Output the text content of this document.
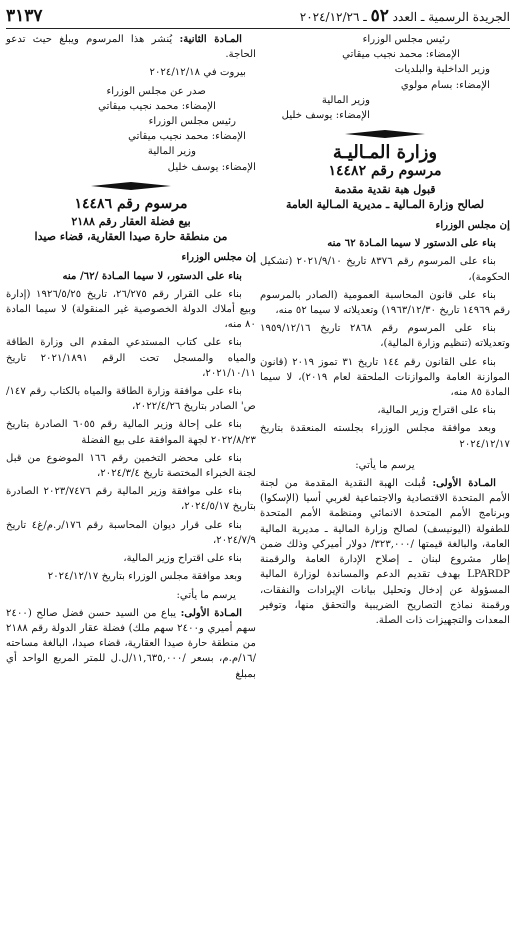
الجريدة الرسمية ـ العدد ٥٢ ـ ٢٠٢٤/١٢/٢٦
٣١٣٧

رئيس مجلس الوزراء

الإمضاء: محمد نجيب ميقاتي

وزير الداخلية والبلديات

الإمضاء: بسام مولوي

وزير المالية

الإمضاء: يوسف خليل

وزارة المـاليـة
مرسوم رقم ١٤٤٨٢

قبول هبة نقدية مقدمة

لصالح وزارة المـالية ـ مديرية المـالية العامة

إن مجلس الوزراء

بناء على الدستور لا سيما المـادة ٦٢ منه

بناء على المرسوم رقم ٨٣٧٦ تاريخ ٢٠٢١/٩/١٠ (تشكيل الحكومة)،

بناء على قانون المحاسبة العمومية (الصادر بالمرسوم رقم ١٤٩٦٩ تاريخ ١٩٦٣/١٢/٣٠) وتعديلاته لا سيما ٥٢ منه،

بناء على المرسوم رقم ٢٨٦٨ تاريخ ١٩٥٩/١٢/١٦ وتعديلاته (تنظيم وزارة المالية)،

بناء على القانون رقم ١٤٤ تاريخ ٣١ تموز ٢٠١٩ (قانون الموازنة العامة والموازنات الملحقة لعام ٢٠١٩)، لا سيما المادة ٨٥ منه،

بناء على اقتراح وزير المالية،

وبعد موافقة مجلس الوزراء بجلسته المنعقدة بتاريخ ٢٠٢٤/١٢/١٧

يرسم ما يأتي:

المـادة الأولى: قُبلت الهبة النقدية المقدمة من لجنة الأمم المتحدة الاقتصادية والاجتماعية لغربي أسيا (الإسكوا) وبرنامج الأمم المتحدة الانمائي ومنظمة الأمم المتحدة للطفولة (اليونيسف) لصالح وزارة المالية ـ مديرية المالية العامة، والبالغة قيمتها /٣٢٣,٠٠٠/ دولار أميركي وذلك ضمن إطار مشروع لبنان ـ إصلاح الإدارة العامة والرقمنة LPARDP بهدف تقديم الدعم والمساندة لوزارة المالية المسؤولة عن إدخال وتحليل بيانات الإيرادات والنفقات، ورقمنة نماذج التصاريح الضريبية والتحقق منها، وتوفير المعدات والتجهيزات ذات الصلة.

المـادة الثانية: يُنشر هذا المرسوم ويبلغ حيث تدعو الحاجة.

بيروت في ٢٠٢٤/١٢/١٨

صدر عن مجلس الوزراء

الإمضاء: محمد نجيب ميقاتي

رئيس مجلس الوزراء

الإمضاء: محمد نجيب ميقاتي

وزير المالية

الإمضاء: يوسف خليل

مرسوم رقم ١٤٤٨٦

بيع فضلة العقار رقم ٢١٨٨

من منطقة حارة صيدا العقارية، قضاء صيدا

إن مجلس الوزراء

بناء على الدستور، لا سيما المـادة /٦٢/ منه

بناء على القرار رقم ٢٦/٢٧٥، تاريخ ١٩٢٦/٥/٢٥ (إدارة وبيع أملاك الدولة الخصوصية غير المنقولة) لا سيما المادة ٨٠ منه،

بناء على كتاب المستدعي المقدم الى وزارة الطاقة والمياه والمسجل تحت الرقم ٢٠٢١/١٨٩١ تاريخ ٢٠٢١/١٠/١١،

بناء على موافقة وزارة الطاقة والمياه بالكتاب رقم ١٤٧/ص' الصادر بتاريخ ٢٠٢٢/٤/٢٦،

بناء على إحالة وزير المالية رقم ٦٠٥٥ الصادرة بتاريخ ٢٠٢٢/٨/٢٣ لجهة الموافقة على بيع الفضلة

بناء على محضر التخمين رقم ١٦٦ الموضوع من قبل لجنة الخبراء المختصة تاريخ ٢٠٢٤/٣/٤،

بناء على موافقة وزير المالية رقم ٢٠٢٣/٧٤٧٦ الصادرة بتاريخ ٢٠٢٤/٥/١٧،

بناء على قرار ديوان المحاسبة رقم ١٧٦/ر.م/غ٤ تاريخ ٢٠٢٤/٧/٩،

بناء على اقتراح وزير المالية،

وبعد موافقة مجلس الوزراء بتاريخ ٢٠٢٤/١٢/١٧

يرسم ما يأتي:

المـادة الأولى: يباع من السيد حسن فضل صالح (٢٤٠٠ سهم أميري و٢٤٠٠ سهم ملك) فضلة عقار الدولة رقم ٢١٨٨ من منطقة حارة صيدا العقارية، قضاء صيدا، البالغة مساحته /١٦/م.م، بسعر /١١,٦٣٥,٠٠٠/ل.ل للمتر المربع الواحد أي بمبلغ
